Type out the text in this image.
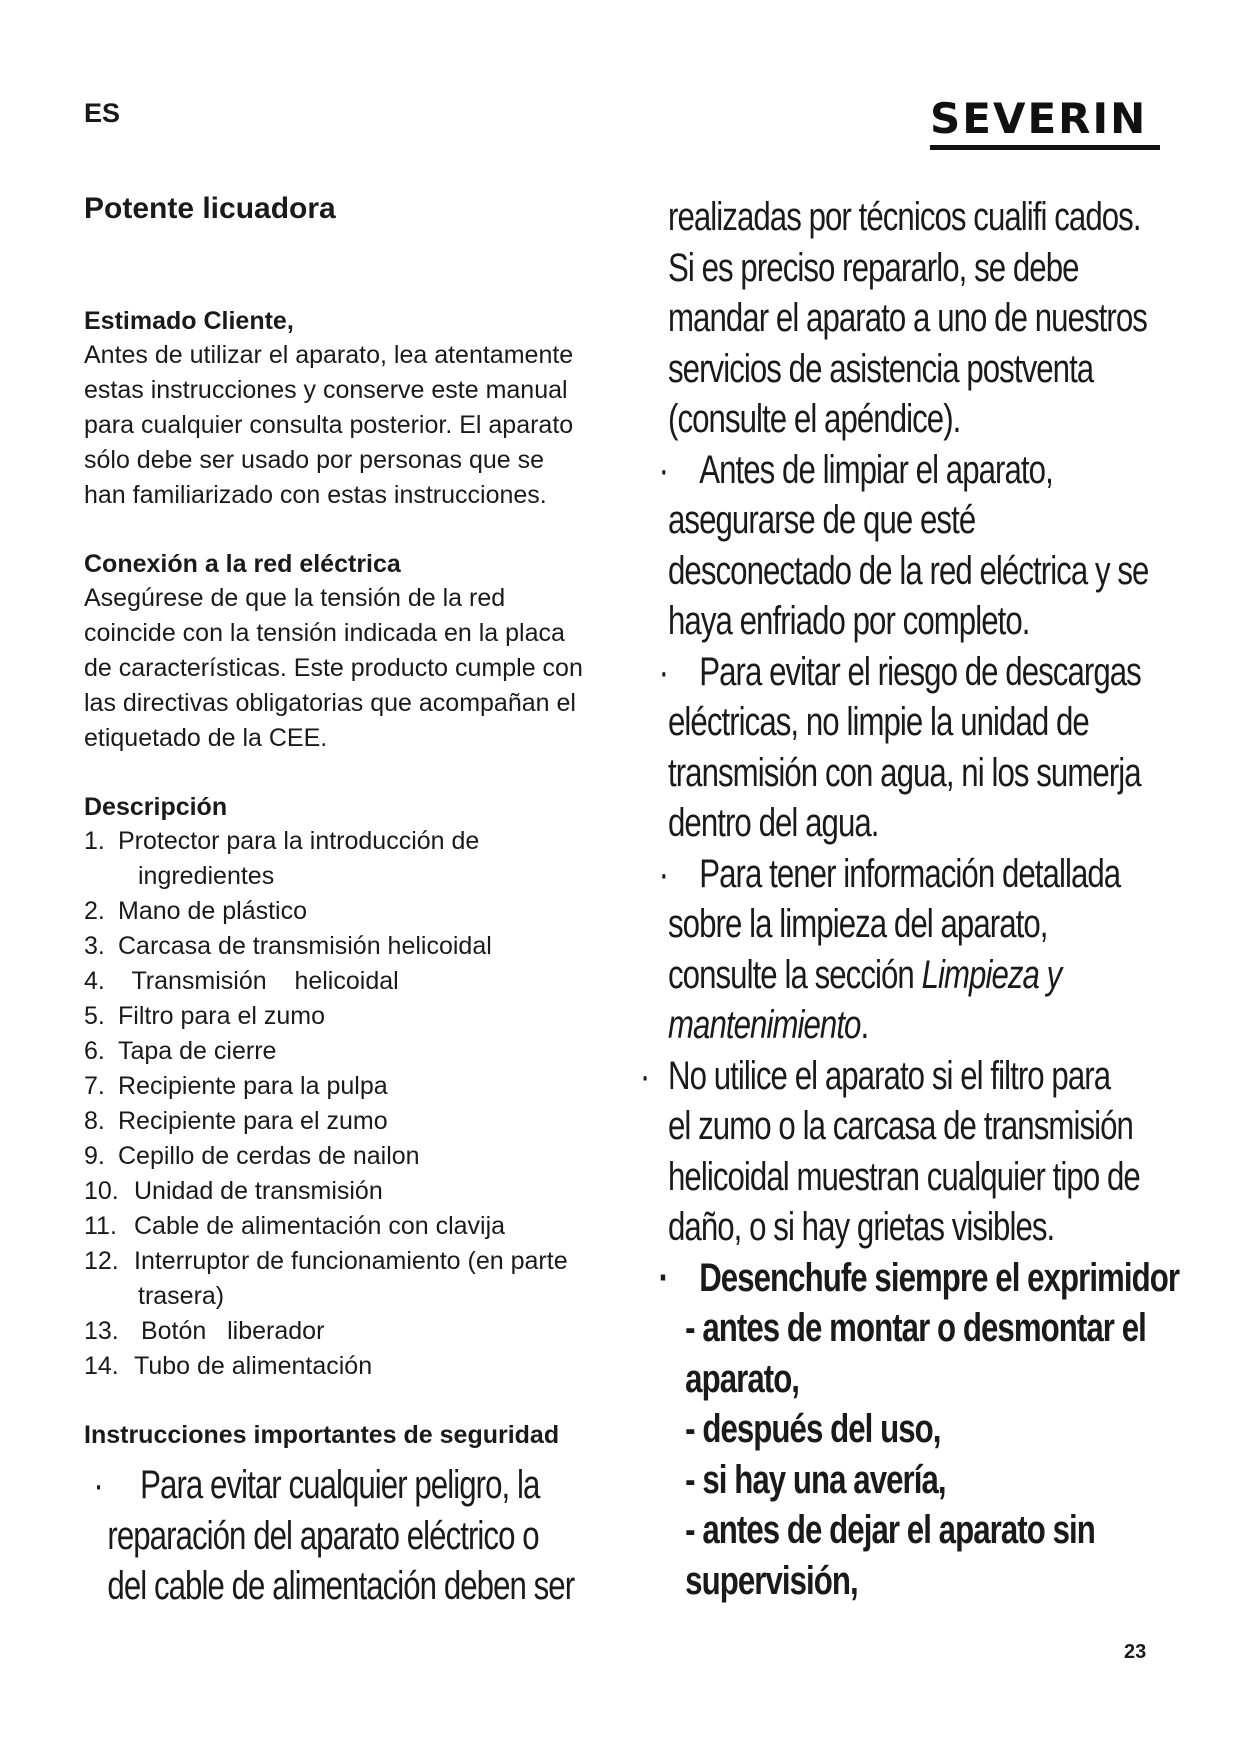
ES	SEVERIN
Potente licuadora
Estimado Cliente,
Antes de utilizar el aparato, lea atentamente
estas instrucciones y conserve este manual
para cualquier consulta posterior. El aparato
sólo debe ser usado por personas que se
han familiarizado con estas instrucciones.
Conexión a la red eléctrica
Asegúrese de que la tensión de la red
coincide con la tensión indicada en la placa
de características. Este producto cumple con
las directivas obligatorias que acompañan el
etiquetado de la CEE.
Descripción
1. Protector para la introducción de
ingredientes
2. Mano de plástico
3. Carcasa de transmisión helicoidal
4. Transmisión    helicoidal
5. Filtro para el zumo
6. Tapa de cierre
7. Recipiente para la pulpa
8. Recipiente para el zumo
9. Cepillo de cerdas de nailon
10. Unidad de transmisión
11. Cable de alimentación con clavija
12. Interruptor de funcionamiento (en parte
trasera)
13. Botón   liberador
14. Tubo de alimentación
Instrucciones importantes de seguridad
· Para evitar cualquier peligro, la
reparación del aparato eléctrico o
del cable de alimentación deben ser
realizadas por técnicos cualifi cados.
Si es preciso repararlo, se debe
mandar el aparato a uno de nuestros
servicios de asistencia postventa
(consulte el apéndice).
· Antes de limpiar el aparato,
asegurarse de que esté
desconectado de la red eléctrica y se
haya enfriado por completo.
· Para evitar el riesgo de descargas
eléctricas, no limpie la unidad de
transmisión con agua, ni los sumerja
dentro del agua.
· Para tener información detallada
sobre la limpieza del aparato,
consulte la sección Limpieza y
mantenimiento.
· No utilice el aparato si el filtro para
el zumo o la carcasa de transmisión
helicoidal muestran cualquier tipo de
daño, o si hay grietas visibles.
· Desenchufe siempre el exprimidor
- antes de montar o desmontar el
aparato,
- después del uso,
- si hay una avería,
- antes de dejar el aparato sin
supervisión,
23
